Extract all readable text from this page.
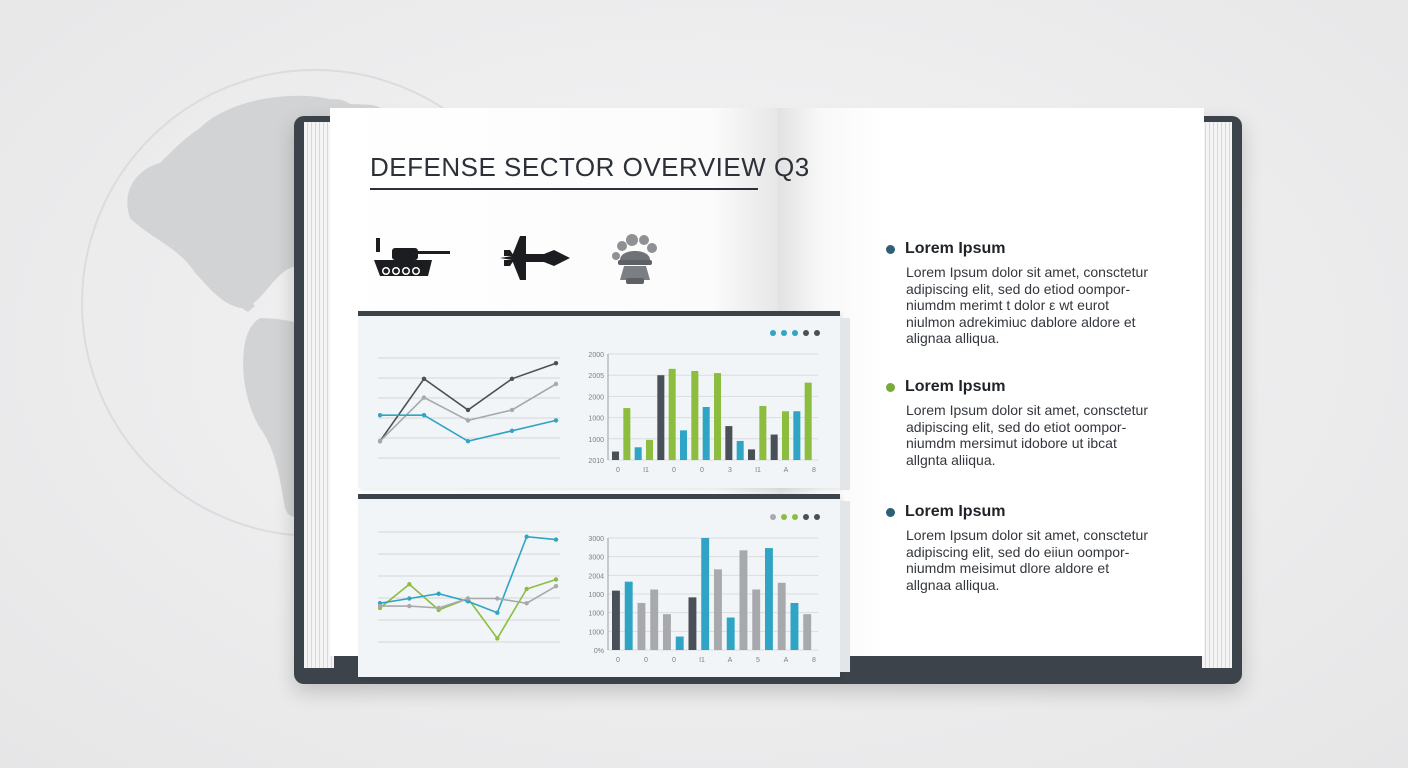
DEFENSE SECTOR OVERVIEW Q3
2000
2005
2000
1000
1000
2010
0	I1	0	0	3	I1	A	8
3000
3000
2004
1000
1000
1000
0%
0	0	0	I1	A	5	A	8
Lorem Ipsum
Lorem Ipsum dolor sit amet, consctetur
adipiscing elit, sed do etiod oompor-
niumdm merimt t dolor ε wt eurot
niulmon adrekimiuc dablore aldore et
alignaa alliqua.
Lorem Ipsum
Lorem Ipsum dolor sit amet, consctetur
adipiscing elit, sed do etiot oompor-
niumdm mersimut idobore ut ibcat
allgnta aliiqua.
Lorem Ipsum
Lorem Ipsum dolor sit amet, consctetur
adipiscing elit, sed do eiiun oompor-
niumdm meisimut dlore aldore et
allgnaa alliqua.
